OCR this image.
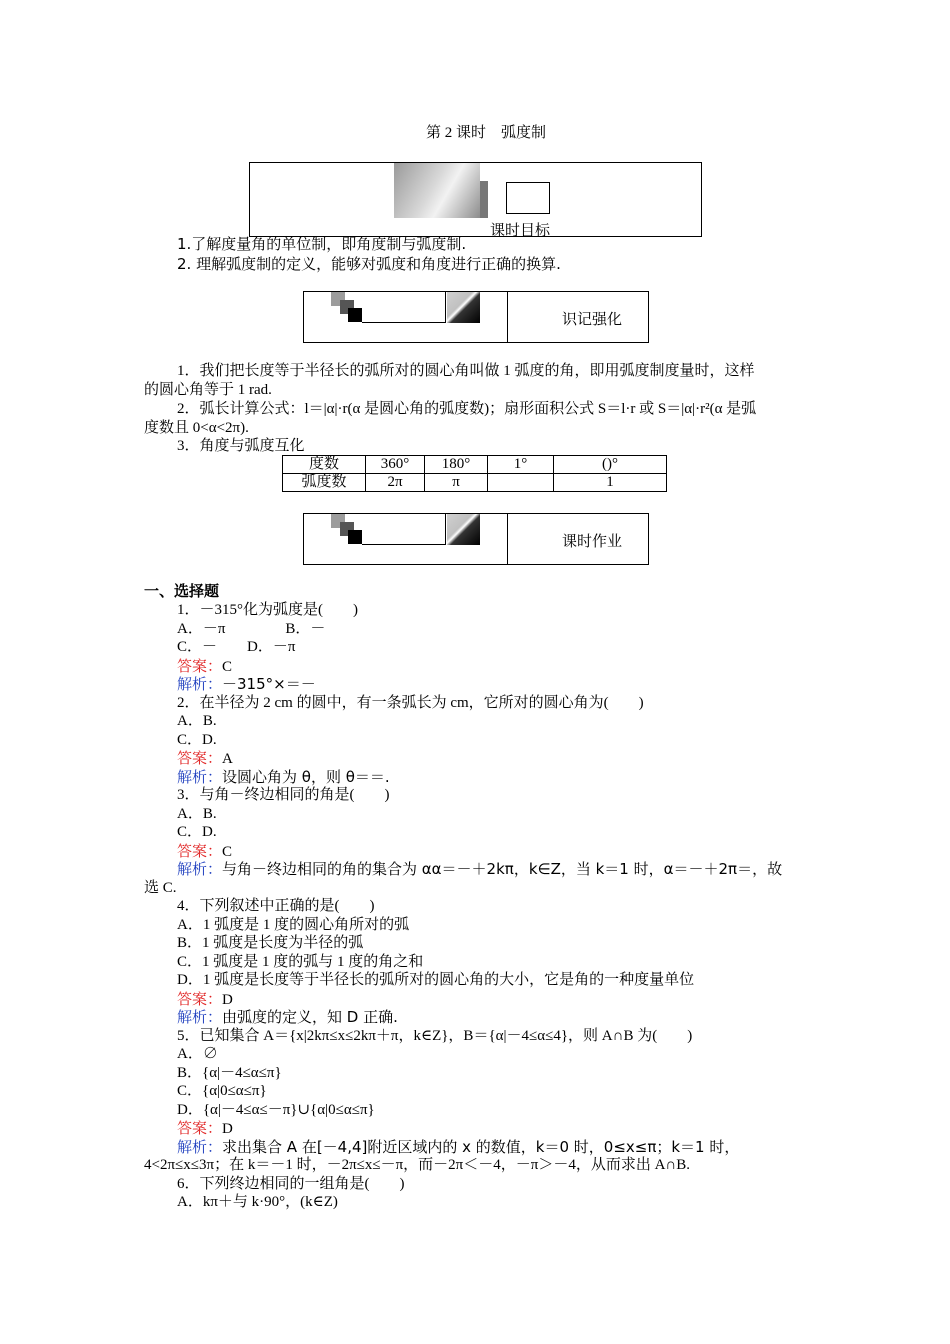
第 2 课时　弧度制
课时目标
1.了解度量角的单位制，即角度制与弧度制.
2. 理解弧度制的定义，能够对弧度和角度进行正确的换算.
识记强化
1．我们把长度等于半径长的弧所对的圆心角叫做 1 弧度的角，即用弧度制度量时，这样
的圆心角等于 1 rad.
2．弧长计算公式：l＝|α|·r(α 是圆心角的弧度数)；扇形面积公式 S＝l·r 或 S＝|α|·r²(α 是弧
度数且 0<α<2π).
3．角度与弧度互化
度数	360°	180°	1°	()°
弧度数	2π	π		1
课时作业
一、选择题
1．－315°化为弧度是(　　)
A．－π　　　　B．－
C．－　　D．－π
答案：C
解析：－315°×＝－
2．在半径为 2 cm 的圆中，有一条弧长为 cm，它所对的圆心角为(　　)
A．B.
C．D.
答案：A
解析：设圆心角为 θ，则 θ＝＝.
3．与角－终边相同的角是(　　)
A．B.
C．D.
答案：C
解析：与角－终边相同的角的集合为 αα＝－＋2kπ，k∈Z，当 k＝1 时，α＝－＋2π＝，故
选 C.
4．下列叙述中正确的是(　　)
A．1 弧度是 1 度的圆心角所对的弧
B．1 弧度是长度为半径的弧
C．1 弧度是 1 度的弧与 1 度的角之和
D．1 弧度是长度等于半径长的弧所对的圆心角的大小，它是角的一种度量单位
答案：D
解析：由弧度的定义，知 D 正确.
5．已知集合 A＝{x|2kπ≤x≤2kπ＋π，k∈Z}，B＝{α|－4≤α≤4}，则 A∩B 为(　　)
A．∅
B．{α|－4≤α≤π}
C．{α|0≤α≤π}
D．{α|－4≤α≤－π}∪{α|0≤α≤π}
答案：D
解析：求出集合 A 在[－4,4]附近区域内的 x 的数值，k＝0 时，0≤x≤π；k＝1 时，
4<2π≤x≤3π；在 k＝－1 时，－2π≤x≤－π，而－2π＜－4，－π＞－4，从而求出 A∩B.
6．下列终边相同的一组角是(　　)
A．kπ＋与 k·90°，(k∈Z)
